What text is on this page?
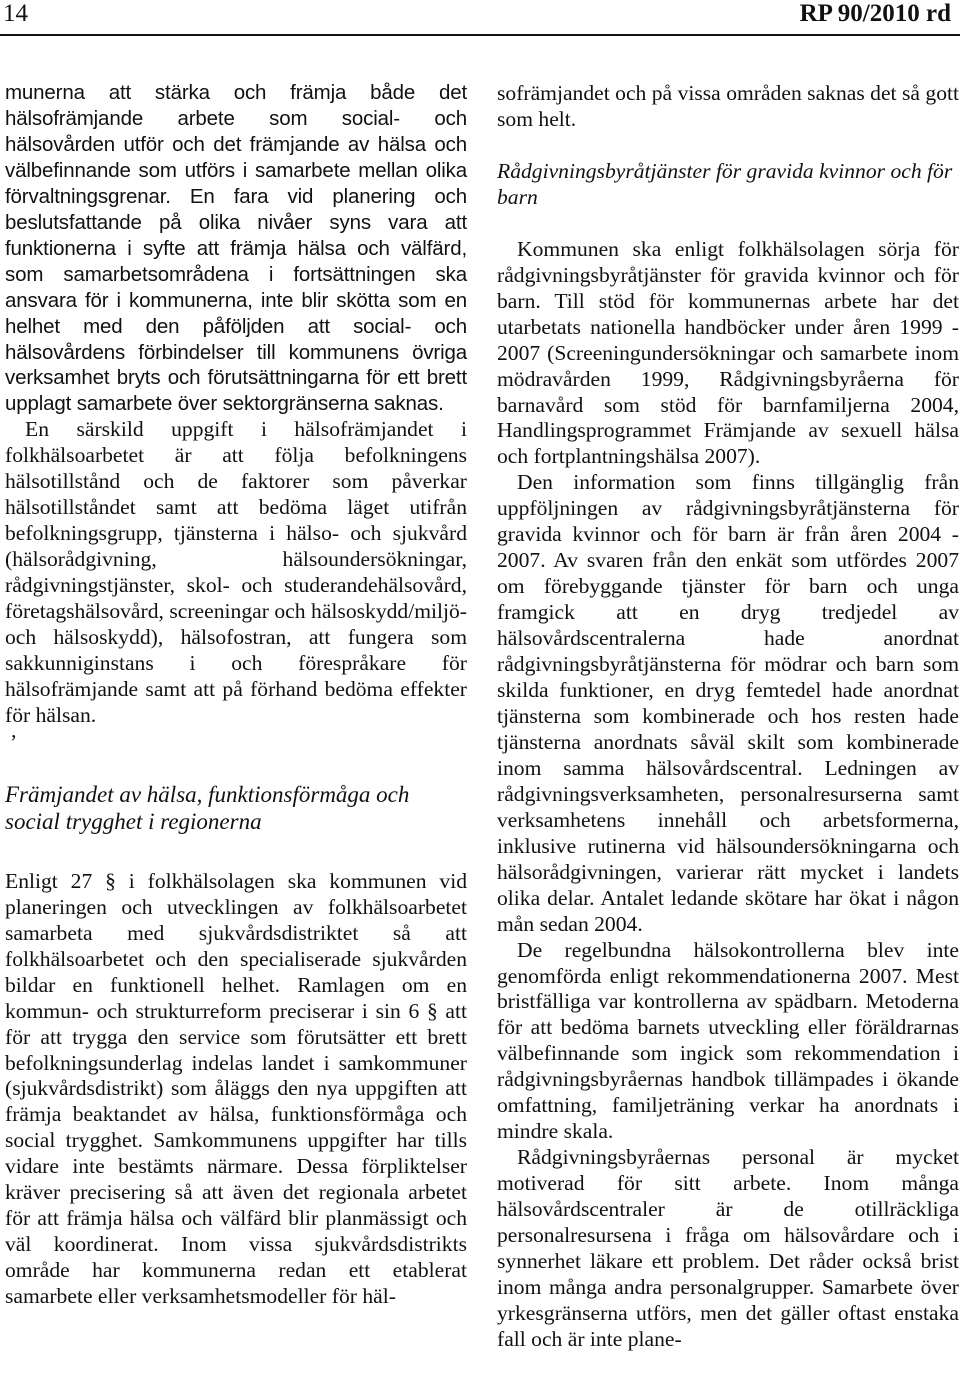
14	RP 90/2010 rd

munerna att stärka och främja både det hälsofrämjande arbete som social- och hälsovården utför och det främjande av hälsa och välbefinnande som utförs i samarbete mellan olika förvaltningsgrenar. En fara vid planering och beslutsfattande på olika nivåer syns vara att funktionerna i syfte att främja hälsa och välfärd, som samarbetsområdena i fortsättningen ska ansvara för i kommunerna, inte blir skötta som en helhet med den påföljden att social- och hälsovårdens förbindelser till kommunens övriga verksamhet bryts och förutsättningarna för ett brett upplagt samarbete över sektorgränserna saknas.

En särskild uppgift i hälsofrämjandet i folkhälsoarbetet är att följa befolkningens hälsotillstånd och de faktorer som påverkar hälsotillståndet samt att bedöma läget utifrån befolkningsgrupp, tjänsterna i hälso- och sjukvård (hälsorådgivning, hälsoundersökningar, rådgivningstjänster, skol- och studerandehälsovård, företagshälsovård, screeningar och hälsoskydd/miljö- och hälsoskydd), hälsofostran, att fungera som sakkunniginstans i och förespråkare för hälsofrämjande samt att på förhand bedöma effekter för hälsan.

’

Främjandet av hälsa, funktionsförmåga och social trygghet i regionerna

Enligt 27 § i folkhälsolagen ska kommunen vid planeringen och utvecklingen av folkhälsoarbetet samarbeta med sjukvårdsdistriktet så att folkhälsoarbetet och den specialiserade sjukvården bildar en funktionell helhet. Ramlagen om en kommun- och strukturreform preciserar i sin 6 § att för att trygga den service som förutsätter ett brett befolkningsunderlag indelas landet i samkommuner (sjukvårdsdistrikt) som åläggs den nya uppgiften att främja beaktandet av hälsa, funktionsförmåga och social trygghet. Samkommunens uppgifter har tills vidare inte bestämts närmare. Dessa förpliktelser kräver precisering så att även det regionala arbetet för att främja hälsa och välfärd blir planmässigt och väl koordinerat. Inom vissa sjukvårdsdistrikts område har kommunerna redan ett etablerat samarbete eller verksamhetsmodeller för häl-

sofrämjandet och på vissa områden saknas det så gott som helt.

Rådgivningsbyråtjänster för gravida kvinnor och för barn

Kommunen ska enligt folkhälsolagen sörja för rådgivningsbyråtjänster för gravida kvinnor och för barn. Till stöd för kommunernas arbete har det utarbetats nationella handböcker under åren 1999 - 2007 (Screeningundersökningar och samarbete inom mödravården 1999, Rådgivningsbyråerna för barnavård som stöd för barnfamiljerna 2004, Handlingsprogrammet Främjande av sexuell hälsa och fortplantningshälsa 2007).

Den information som finns tillgänglig från uppföljningen av rådgivningsbyråtjänsterna för gravida kvinnor och för barn är från åren 2004 - 2007. Av svaren från den enkät som utfördes 2007 om förebyggande tjänster för barn och unga framgick att en dryg tredjedel av hälsovårdscentralerna hade anordnat rådgivningsbyråtjänsterna för mödrar och barn som skilda funktioner, en dryg femtedel hade anordnat tjänsterna som kombinerade och hos resten hade tjänsterna anordnats såväl skilt som kombinerade inom samma hälsovårdscentral. Ledningen av rådgivningsverksamheten, personalresurserna samt verksamhetens innehåll och arbetsformerna, inklusive rutinerna vid hälsoundersökningarna och hälsorådgivningen, varierar rätt mycket i landets olika delar. Antalet ledande skötare har ökat i någon mån sedan 2004.

De regelbundna hälsokontrollerna blev inte genomförda enligt rekommendationerna 2007. Mest bristfälliga var kontrollerna av spädbarn. Metoderna för att bedöma barnets utveckling eller föräldrarnas välbefinnande som ingick som rekommendation i rådgivningsbyråernas handbok tillämpades i ökande omfattning, familjeträning verkar ha anordnats i mindre skala.

Rådgivningsbyråernas personal är mycket motiverad för sitt arbete. Inom många hälsovårdscentraler är de otillräckliga personalresursena i fråga om hälsovårdare och i synnerhet läkare ett problem. Det råder också brist inom många andra personalgrupper. Samarbete över yrkesgränserna utförs, men det gäller oftast enstaka fall och är inte plane-
